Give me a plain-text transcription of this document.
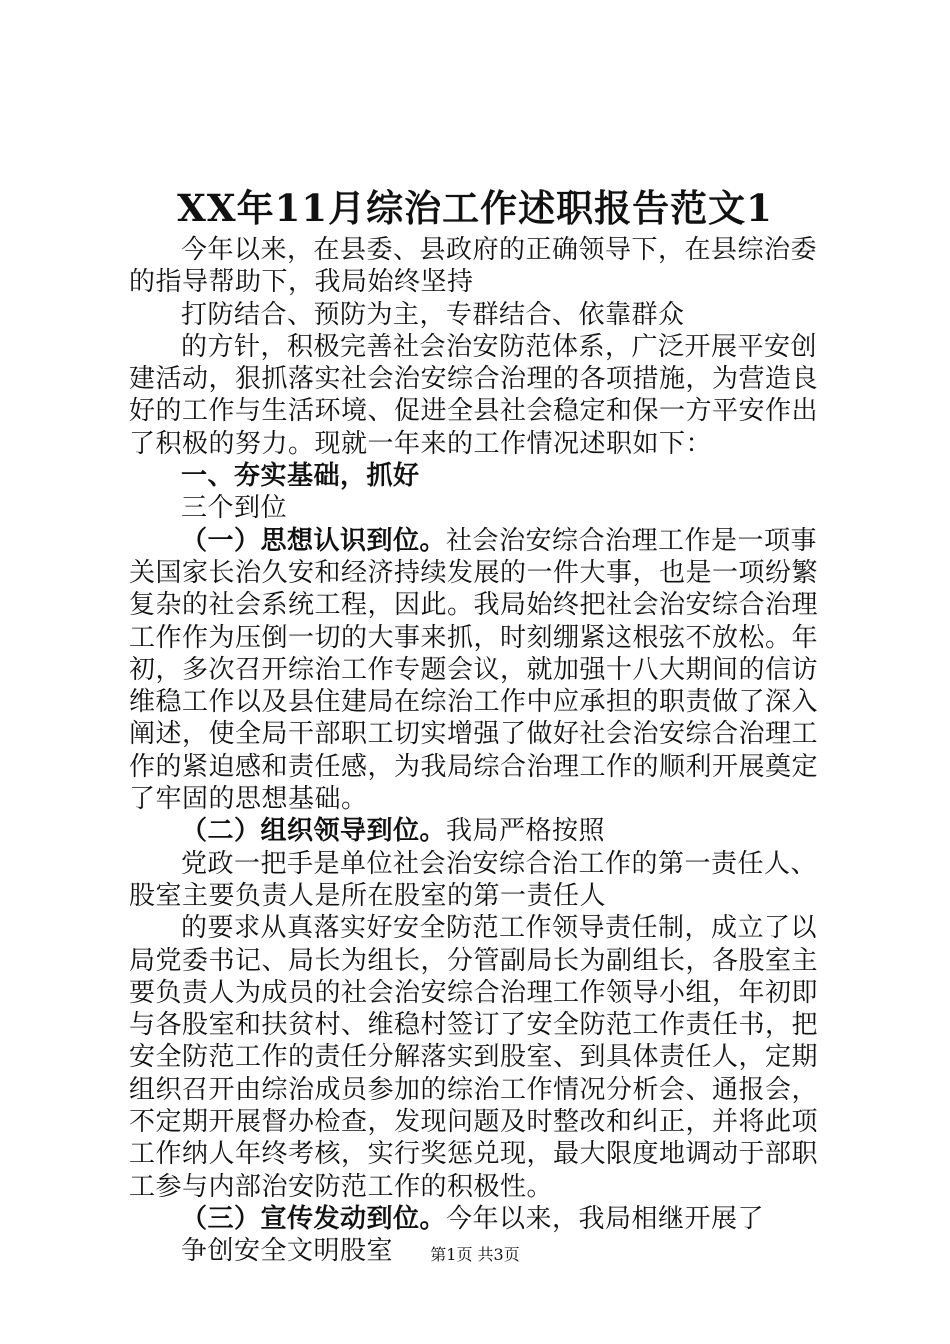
XX年11月综治工作述职报告范文1

今年以来，在县委、县政府的正确领导下，在县综治委的指导帮助下，我局始终坚持

打防结合、预防为主，专群结合、依靠群众

的方针，积极完善社会治安防范体系，广泛开展平安创建活动，狠抓落实社会治安综合治理的各项措施，为营造良好的工作与生活环境、促进全县社会稳定和保一方平安作出了积极的努力。现就一年来的工作情况述职如下：

一、夯实基础，抓好

三个到位

（一）思想认识到位。社会治安综合治理工作是一项事关国家长治久安和经济持续发展的一件大事，也是一项纷繁复杂的社会系统工程，因此。我局始终把社会治安综合治理工作作为压倒一切的大事来抓，时刻绷紧这根弦不放松。年初，多次召开综治工作专题会议，就加强十八大期间的信访维稳工作以及县住建局在综治工作中应承担的职责做了深入阐述，使全局干部职工切实增强了做好社会治安综合治理工作的紧迫感和责任感，为我局综合治理工作的顺利开展奠定了牢固的思想基础。

（二）组织领导到位。我局严格按照

党政一把手是单位社会治安综合治工作的第一责任人、股室主要负责人是所在股室的第一责任人

的要求从真落实好安全防范工作领导责任制，成立了以局党委书记、局长为组长，分管副局长为副组长，各股室主要负责人为成员的社会治安综合治理工作领导小组，年初即与各股室和扶贫村、维稳村签订了安全防范工作责任书，把安全防范工作的责任分解落实到股室、到具体责任人，定期组织召开由综治成员参加的综治工作情况分析会、通报会，不定期开展督办检查，发现问题及时整改和纠正，并将此项工作纳人年终考核，实行奖惩兑现，最大限度地调动于部职工参与内部治安防范工作的积极性。

（三）宣传发动到位。今年以来，我局相继开展了

争创安全文明股室	第1页 共3页
